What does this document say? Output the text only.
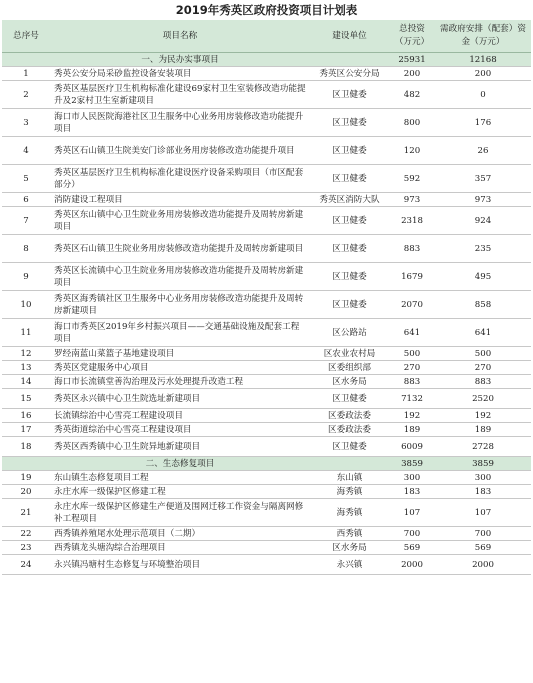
2019年秀英区政府投资项目计划表
总序号	项目名称	建设单位	总投资（万元）	需政府安排（配套）资金（万元）
	一、为民办实事项目		25931	12168
1	秀英公安分局采砂监控设备安装项目	秀英区公安分局	200	200
2	秀英区基层医疗卫生机构标准化建设69家村卫生室装修改造功能提升及2家村卫生室新建项目	区卫健委	482	0
3	海口市人民医院海港社区卫生服务中心业务用房装修改造功能提升项目	区卫健委	800	176
4	秀英区石山镇卫生院美安门诊部业务用房装修改造功能提升项目	区卫健委	120	26
5	秀英区基层医疗卫生机构标准化建设医疗设备采购项目（市区配套部分）	区卫健委	592	357
6	消防建设工程项目	秀英区消防大队	973	973
7	秀英区东山镇中心卫生院业务用房装修改造功能提升及周转房新建项目	区卫健委	2318	924
8	秀英区石山镇卫生院业务用房装修改造功能提升及周转房新建项目	区卫健委	883	235
9	秀英区长流镇中心卫生院业务用房装修改造功能提升及周转房新建项目	区卫健委	1679	495
10	秀英区海秀镇社区卫生服务中心业务用房装修改造功能提升及周转房新建项目	区卫健委	2070	858
11	海口市秀英区2019年乡村振兴项目——交通基础设施及配套工程项目	区公路站	641	641
12	罗经南蓝山菜篮子基地建设项目	区农业农村局	500	500
13	秀英区党建服务中心项目	区委组织部	270	270
14	海口市长流镇堂善沟治理及污水处理提升改造工程	区水务局	883	883
15	秀英区永兴镇中心卫生院选址新建项目	区卫健委	7132	2520
16	长流镇综治中心雪亮工程建设项目	区委政法委	192	192
17	秀英街道综治中心雪亮工程建设项目	区委政法委	189	189
18	秀英区西秀镇中心卫生院异地新建项目	区卫健委	6009	2728
	二、生态修复项目		3859	3859
19	东山镇生态修复项目工程	东山镇	300	300
20	永庄水库一级保护区修建工程	海秀镇	183	183
21	永庄水库一级保护区修建生产便道及围网迁移工作资金与隔离网修补工程项目	海秀镇	107	107
22	西秀镇养殖尾水处理示范项目（二期）	西秀镇	700	700
23	西秀镇龙头塘沟综合治理项目	区水务局	569	569
24	永兴镇冯塘村生态修复与环境整治项目	永兴镇	2000	2000
